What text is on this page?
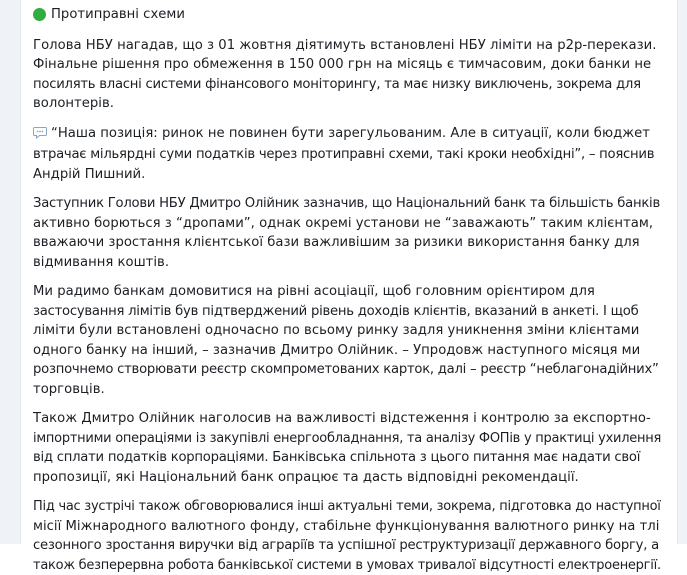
Протиправні схеми
Голова НБУ нагадав, що з 01 жовтня діятимуть встановлені НБУ ліміти на p2p-перекази.
Фінальне рішення про обмеження в 150 000 грн на місяць є тимчасовим, доки банки не
посилять власні системи фінансового моніторингу, та має низку виключень, зокрема для
волонтерів.
“Наша позиція: ринок не повинен бути зарегульованим. Але в ситуації, коли бюджет
втрачає мільярдні суми податків через протиправні схеми, такі кроки необхідні”, – пояснив
Андрій Пишний.
Заступник Голови НБУ Дмитро Олійник зазначив, що Національний банк та більшість банків
активно борються з “дропами”, однак окремі установи не “заважають” таким клієнтам,
вважаючи зростання клієнтської бази важливішим за ризики використання банку для
відмивання коштів.
Ми радимо банкам домовитися на рівні асоціації, щоб головним орієнтиром для
застосування лімітів був підтверджений рівень доходів клієнтів, вказаний в анкеті. І щоб
ліміти були встановлені одночасно по всьому ринку задля уникнення зміни клієнтами
одного банку на інший, – зазначив Дмитро Олійник. – Упродовж наступного місяця ми
розпочнемо створювати реєстр скомпрометованих карток, далі – реєстр “неблагонадійних”
торговців.
Також Дмитро Олійник наголосив на важливості відстеження і контролю за експортно-
імпортними операціями із закупівлі енергообладнання, та аналізу ФОПів у практиці ухилення
від сплати податків корпораціями. Банківська спільнота з цього питання має надати свої
пропозиції, які Національний банк опрацює та дасть відповідні рекомендації.
Під час зустрічі також обговорювалися інші актуальні теми, зокрема, підготовка до наступної
місії Міжнародного валютного фонду, стабільне функціонування валютного ринку на тлі
сезонного зростання виручки від аграріїв та успішної реструктуризації державного боргу, а
також безперервна робота банківської системи в умовах тривалої відсутності електроенергії.
